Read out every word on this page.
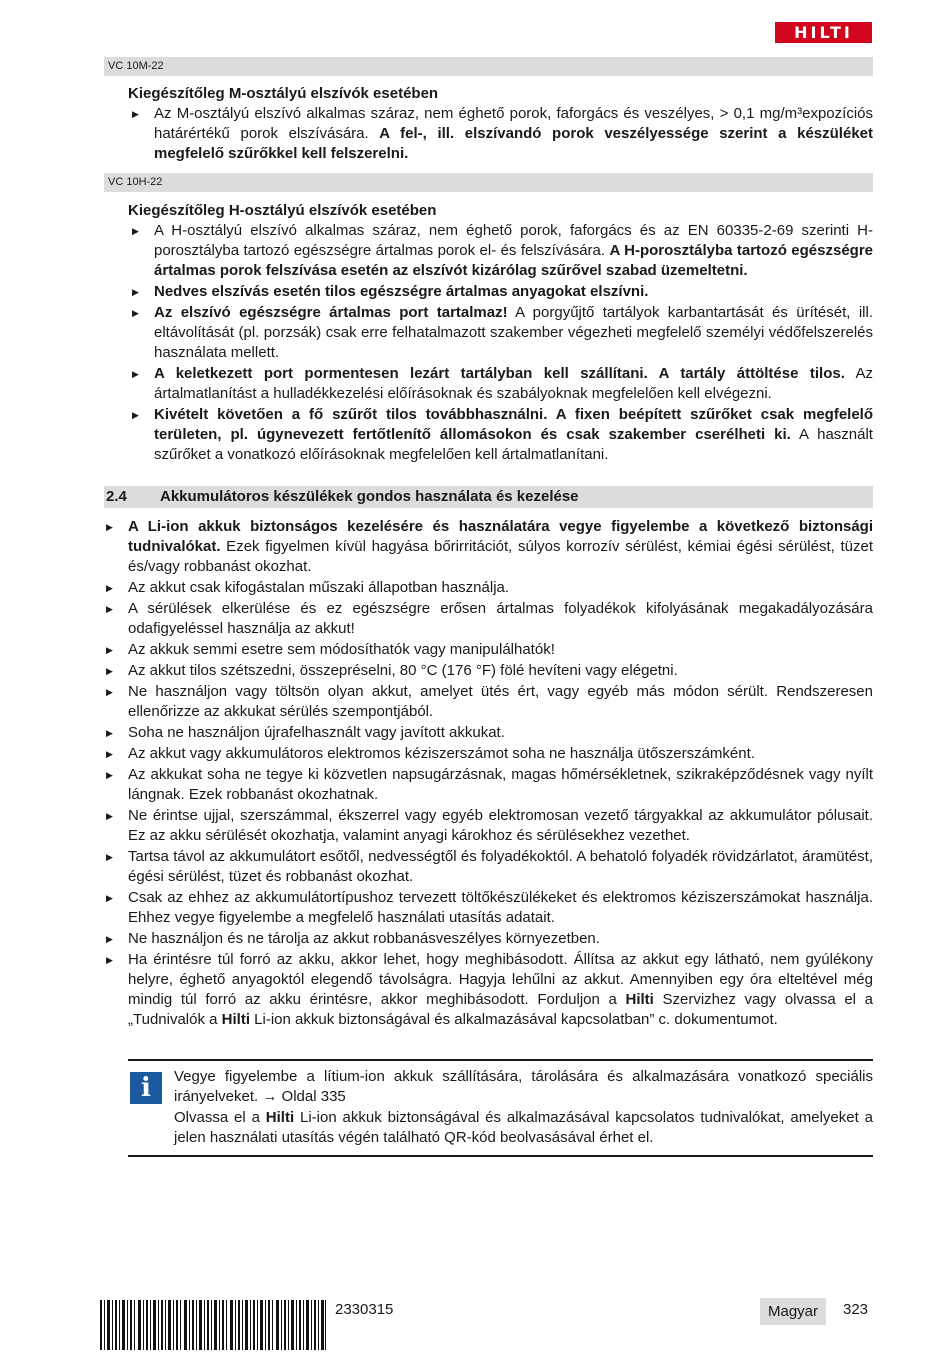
HILTI
VC 10M-22
Kiegészítőleg M-osztályú elszívók esetében
▶ Az M-osztályú elszívó alkalmas száraz, nem éghető porok, faforgács és veszélyes, > 0,1 mg/m³expozíciós határértékű porok elszívására. A fel-, ill. elszívandó porok veszélyessége szerint a készüléket megfelelő szűrőkkel kell felszerelni.
VC 10H-22
Kiegészítőleg H-osztályú elszívók esetében
▶ A H-osztályú elszívó alkalmas száraz, nem éghető porok, faforgács és az EN 60335-2-69 szerinti H-porosztályba tartozó egészségre ártalmas porok el- és felszívására. A H-porosztályba tartozó egészségre ártalmas porok felszívása esetén az elszívót kizárólag szűrővel szabad üzemeltetni.
▶ Nedves elszívás esetén tilos egészségre ártalmas anyagokat elszívni.
▶ Az elszívó egészségre ártalmas port tartalmaz! A porgyűjtő tartályok karbantartását és ürítését, ill. eltávolítását (pl. porzsák) csak erre felhatalmazott szakember végezheti megfelelő személyi védőfelszerelés használata mellett.
▶ A keletkezett port pormentesen lezárt tartályban kell szállítani. A tartály áttöltése tilos. Az ártalmatlanítást a hulladékkezelési előírásoknak és szabályoknak megfelelően kell elvégezni.
▶ Kivételt követően a fő szűrőt tilos továbbhasználni. A fixen beépített szűrőket csak megfelelő területen, pl. úgynevezett fertőtlenítő állomásokon és csak szakember cserélheti ki. A használt szűrőket a vonatkozó előírásoknak megfelelően kell ártalmatlanítani.
2.4 Akkumulátoros készülékek gondos használata és kezelése
▶ A Li-ion akkuk biztonságos kezelésére és használatára vegye figyelembe a következő biztonsági tudnivalókat. Ezek figyelmen kívül hagyása bőrirritációt, súlyos korrozív sérülést, kémiai égési sérülést, tüzet és/vagy robbanást okozhat.
▶ Az akkut csak kifogástalan műszaki állapotban használja.
▶ A sérülések elkerülése és ez egészségre erősen ártalmas folyadékok kifolyásának megakadályozására odafigyeléssel használja az akkut!
▶ Az akkuk semmi esetre sem módosíthatók vagy manipulálhatók!
▶ Az akkut tilos szétszedni, összepréselni, 80 °C (176 °F) fölé hevíteni vagy elégetni.
▶ Ne használjon vagy töltsön olyan akkut, amelyet ütés ért, vagy egyéb más módon sérült. Rendszeresen ellenőrizze az akkukat sérülés szempontjából.
▶ Soha ne használjon újrafelhasznált vagy javított akkukat.
▶ Az akkut vagy akkumulátoros elektromos kéziszerszámot soha ne használja ütőszerszámként.
▶ Az akkukat soha ne tegye ki közvetlen napsugárzásnak, magas hőmérsékletnek, szikraképződésnek vagy nyílt lángnak. Ezek robbanást okozhatnak.
▶ Ne érintse ujjal, szerszámmal, ékszerrel vagy egyéb elektromosan vezető tárgyakkal az akkumulátor pólusait. Ez az akku sérülését okozhatja, valamint anyagi károkhoz és sérülésekhez vezethet.
▶ Tartsa távol az akkumulátort esőtől, nedvességtől és folyadékoktól. A behatoló folyadék rövidzárlatot, áramütést, égési sérülést, tüzet és robbanást okozhat.
▶ Csak az ehhez az akkumulátortípushoz tervezett töltőkészülékeket és elektromos kéziszerszámokat használja. Ehhez vegye figyelembe a megfelelő használati utasítás adatait.
▶ Ne használjon és ne tárolja az akkut robbanásveszélyes környezetben.
▶ Ha érintésre túl forró az akku, akkor lehet, hogy meghibásodott. Állítsa az akkut egy látható, nem gyúlékony helyre, éghető anyagoktól elegendő távolságra. Hagyja lehűlni az akkut. Amennyiben egy óra elteltével még mindig túl forró az akku érintésre, akkor meghibásodott. Forduljon a Hilti Szervizhez vagy olvassa el a „Tudnivalók a Hilti Li-ion akkuk biztonságával és alkalmazásával kapcsolatban” c. dokumentumot.
i	Vegye figyelembe a lítium-ion akkuk szállítására, tárolására és alkalmazására vonatkozó speciális irányelveket. → Oldal 335

Olvassa el a Hilti Li-ion akkuk biztonságával és alkalmazásával kapcsolatos tudnivalókat, amelyeket a jelen használati utasítás végén található QR-kód beolvasásával érhet el.

2330315	Magyar	323
